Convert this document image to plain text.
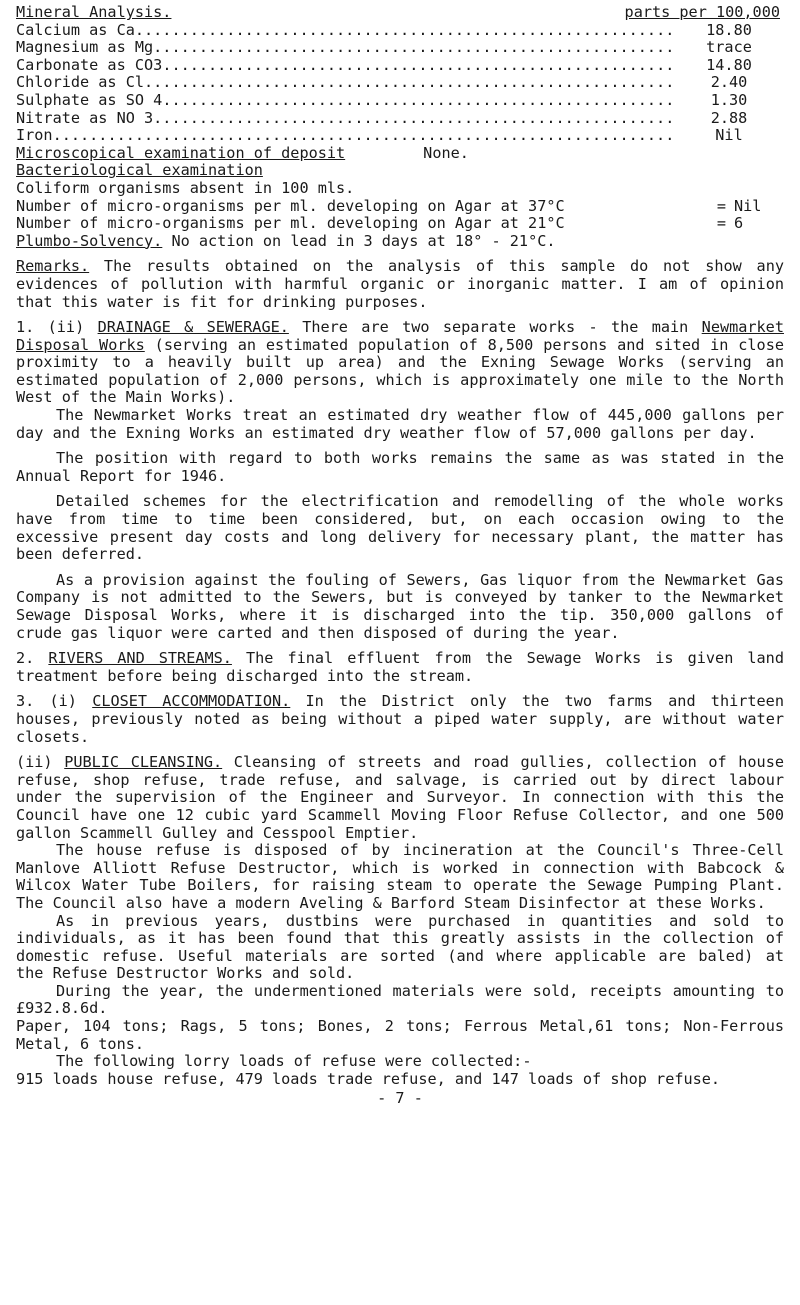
Mineral Analysis.	parts per 100,000
Calcium as Ca .....	18.80
Magnesium as Mg .....	trace
Carbonate as CO3 .....	14.80
Chloride as Cl .....	2.40
Sulphate as SO 4 .....	1.30
Nitrate as NO 3 .....	2.88
Iron .....	Nil
Microscopical examination of deposit	None.
Bacteriological examination
Coliform organisms absent in 100 mls.
Number of micro-organisms per ml. developing on Agar at 37°C	= Nil
Number of micro-organisms per ml. developing on Agar at 21°C	= 6
Plumbo-Solvency. No action on lead in 3 days at 18° - 21°C.

Remarks. The results obtained on the analysis of this sample do not show any evidences of pollution with harmful organic or inorganic matter. I am of opinion that this water is fit for drinking purposes.

1. (ii) DRAINAGE & SEWERAGE. There are two separate works - the main Newmarket Disposal Works (serving an estimated population of 8,500 persons and sited in close proximity to a heavily built up area) and the Exning Sewage Works (serving an estimated population of 2,000 persons, which is approximately one mile to the North West of the Main Works).

The Newmarket Works treat an estimated dry weather flow of 445,000 gallons per day and the Exning Works an estimated dry weather flow of 57,000 gallons per day.

The position with regard to both works remains the same as was stated in the Annual Report for 1946.

Detailed schemes for the electrification and remodelling of the whole works have from time to time been considered, but, on each occasion owing to the excessive present day costs and long delivery for necessary plant, the matter has been deferred.

As a provision against the fouling of Sewers, Gas liquor from the Newmarket Gas Company is not admitted to the Sewers, but is conveyed by tanker to the Newmarket Sewage Disposal Works, where it is discharged into the tip. 350,000 gallons of crude gas liquor were carted and then disposed of during the year.

2. RIVERS AND STREAMS. The final effluent from the Sewage Works is given land treatment before being discharged into the stream.

3. (i) CLOSET ACCOMMODATION. In the District only the two farms and thirteen houses, previously noted as being without a piped water supply, are without water closets.

(ii) PUBLIC CLEANSING. Cleansing of streets and road gullies, collection of house refuse, shop refuse, trade refuse, and salvage, is carried out by direct labour under the supervision of the Engineer and Surveyor. In connection with this the Council have one 12 cubic yard Scammell Moving Floor Refuse Collector, and one 500 gallon Scammell Gulley and Cesspool Emptier.

The house refuse is disposed of by incineration at the Council's Three-Cell Manlove Alliott Refuse Destructor, which is worked in connection with Babcock & Wilcox Water Tube Boilers, for raising steam to operate the Sewage Pumping Plant. The Council also have a modern Aveling & Barford Steam Disinfector at these Works.

As in previous years, dustbins were purchased in quantities and sold to individuals, as it has been found that this greatly assists in the collection of domestic refuse. Useful materials are sorted (and where applicable are baled) at the Refuse Destructor Works and sold.

During the year, the undermentioned materials were sold, receipts amounting to £932.8.6d.

Paper, 104 tons; Rags, 5 tons; Bones, 2 tons; Ferrous Metal,61 tons; Non-Ferrous Metal, 6 tons.

The following lorry loads of refuse were collected:-

915 loads house refuse, 479 loads trade refuse, and 147 loads of shop refuse.

- 7 -
